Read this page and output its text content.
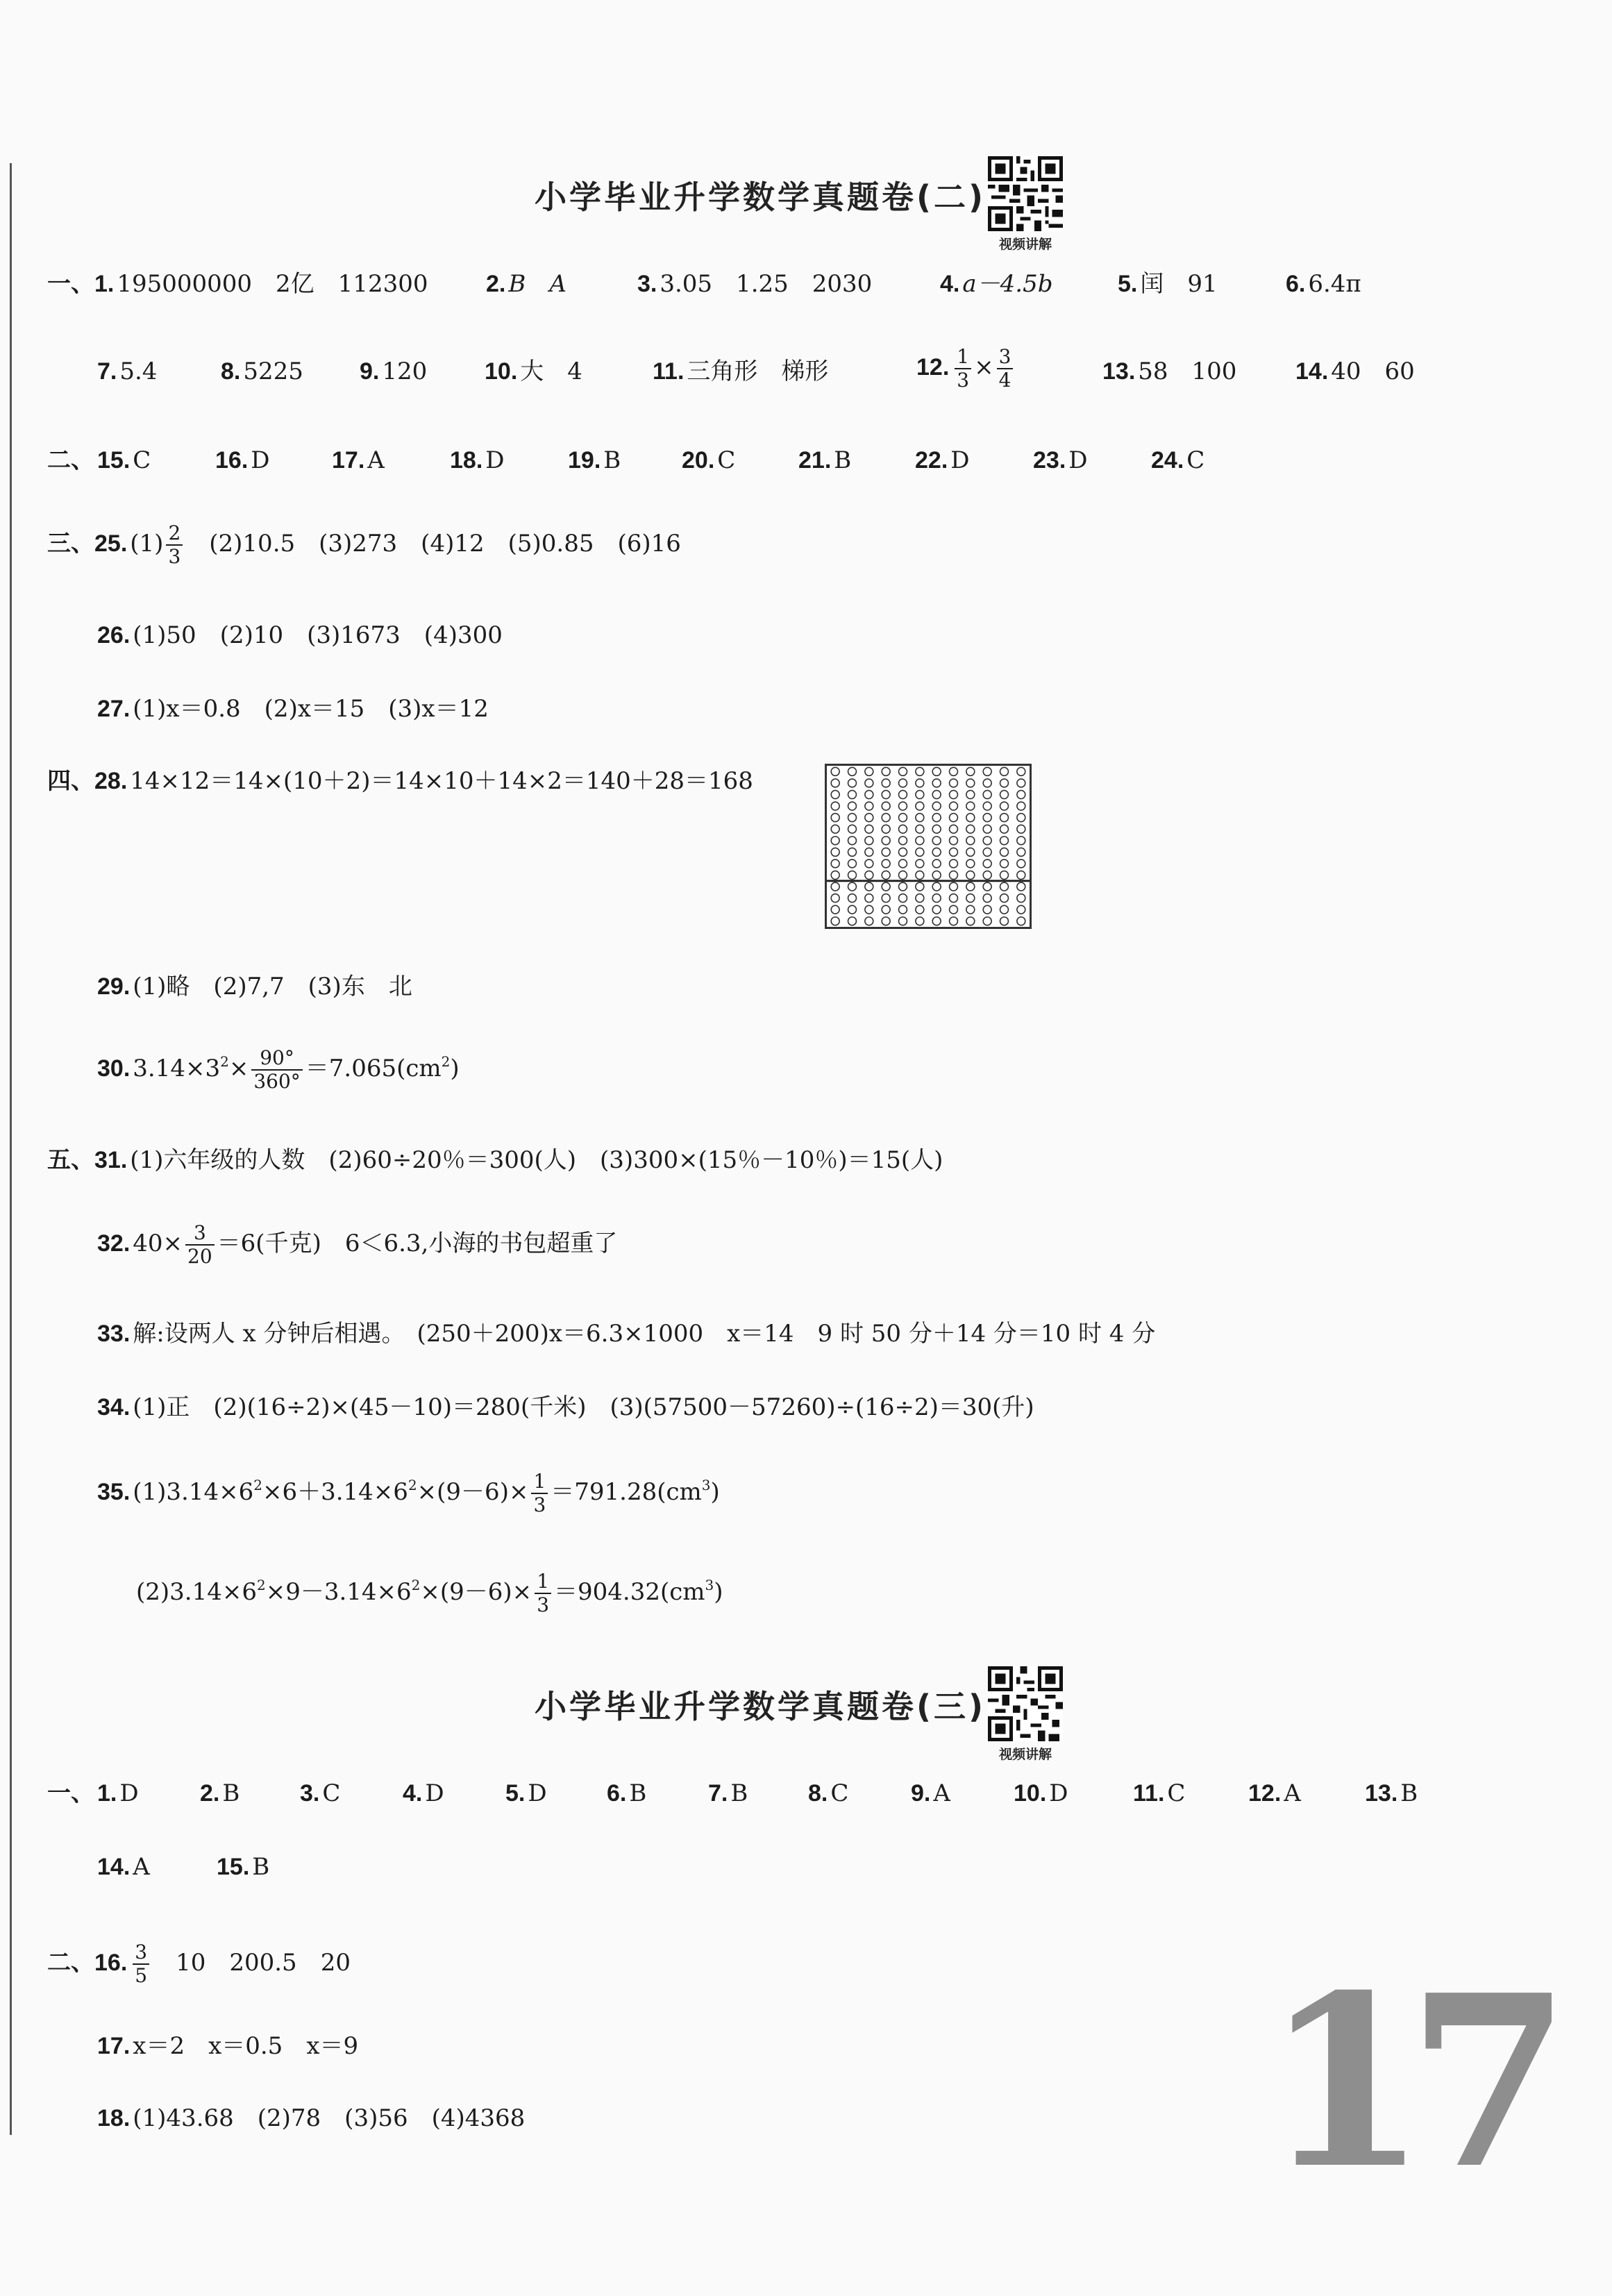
小学毕业升学数学真题卷(二)
视频讲解
一、1. 195000000　2亿　112300 2. B　A	3. 3.05　1.25　2030	4. a－4.5b	5. 闰　91	6. 6.4π
7. 5.4	8. 5225 9. 120 10. 大　4	11. 三角形　梯形	12. $\frac{1}{3} \times \frac{3}{4}$	13. 58　100 14. 40　60
二、 15. C	16. D	17. A	18. D	19. B	20. C	21. B	22. D	23. D	24. C
三、25. $(1) \frac{2}{3}$ 　(2)10.5　(3)273　(4)12　(5)0.85　(6)16
26. (1)50　(2)10　(3)1673　(4)300
27. (1)x＝0.8　(2)x＝15　(3)x＝12
四、28. 14×12＝14×(10＋2)＝14×10＋14×2＝140＋28＝168
29. (1)略　(2)7,7　(3)东　北
30. $3.14\times 3^2\times \frac{90^\circ}{360^\circ} =7.065(cm^2)$
五、31. (1)六年级的人数　(2)60÷20％＝300(人)　(3)300×(15％－10％)＝15(人)
32. $40\times \frac{3}{20} =6$(千克)　6＜6.3,小海的书包超重了
33. 解:设两人 x 分钟后相遇。　(250＋200)x＝6.3×1000　x＝14　9 时 50 分＋14 分＝10 时 4 分
34. (1)正　(2)(16÷2)×(45－10)＝280(千米)　(3)(57500－57260)÷(16÷2)＝30(升)
35. $(1)3.14\times 6^2\times 6+3.14\times 6^2\times(9-6)\times \frac{1}{3} =791.28(cm^3)$
$(2)3.14\times 6^2\times 9-3.14\times 6^2\times(9-6)\times \frac{1}{3} =904.32(cm^3)$
小学毕业升学数学真题卷(三)
视频讲解
一、 1. D	2. B	3. C	4. D	5. D	6. B	7. B	8. C	9. A	10. D	11. C	12. A	13. B
14. A	15. B
二、16. $\frac{3}{5}$ 　10　200.5　20
17. x＝2　x＝0.5　x＝9
18. (1)43.68　(2)78　(3)56　(4)4368	17
